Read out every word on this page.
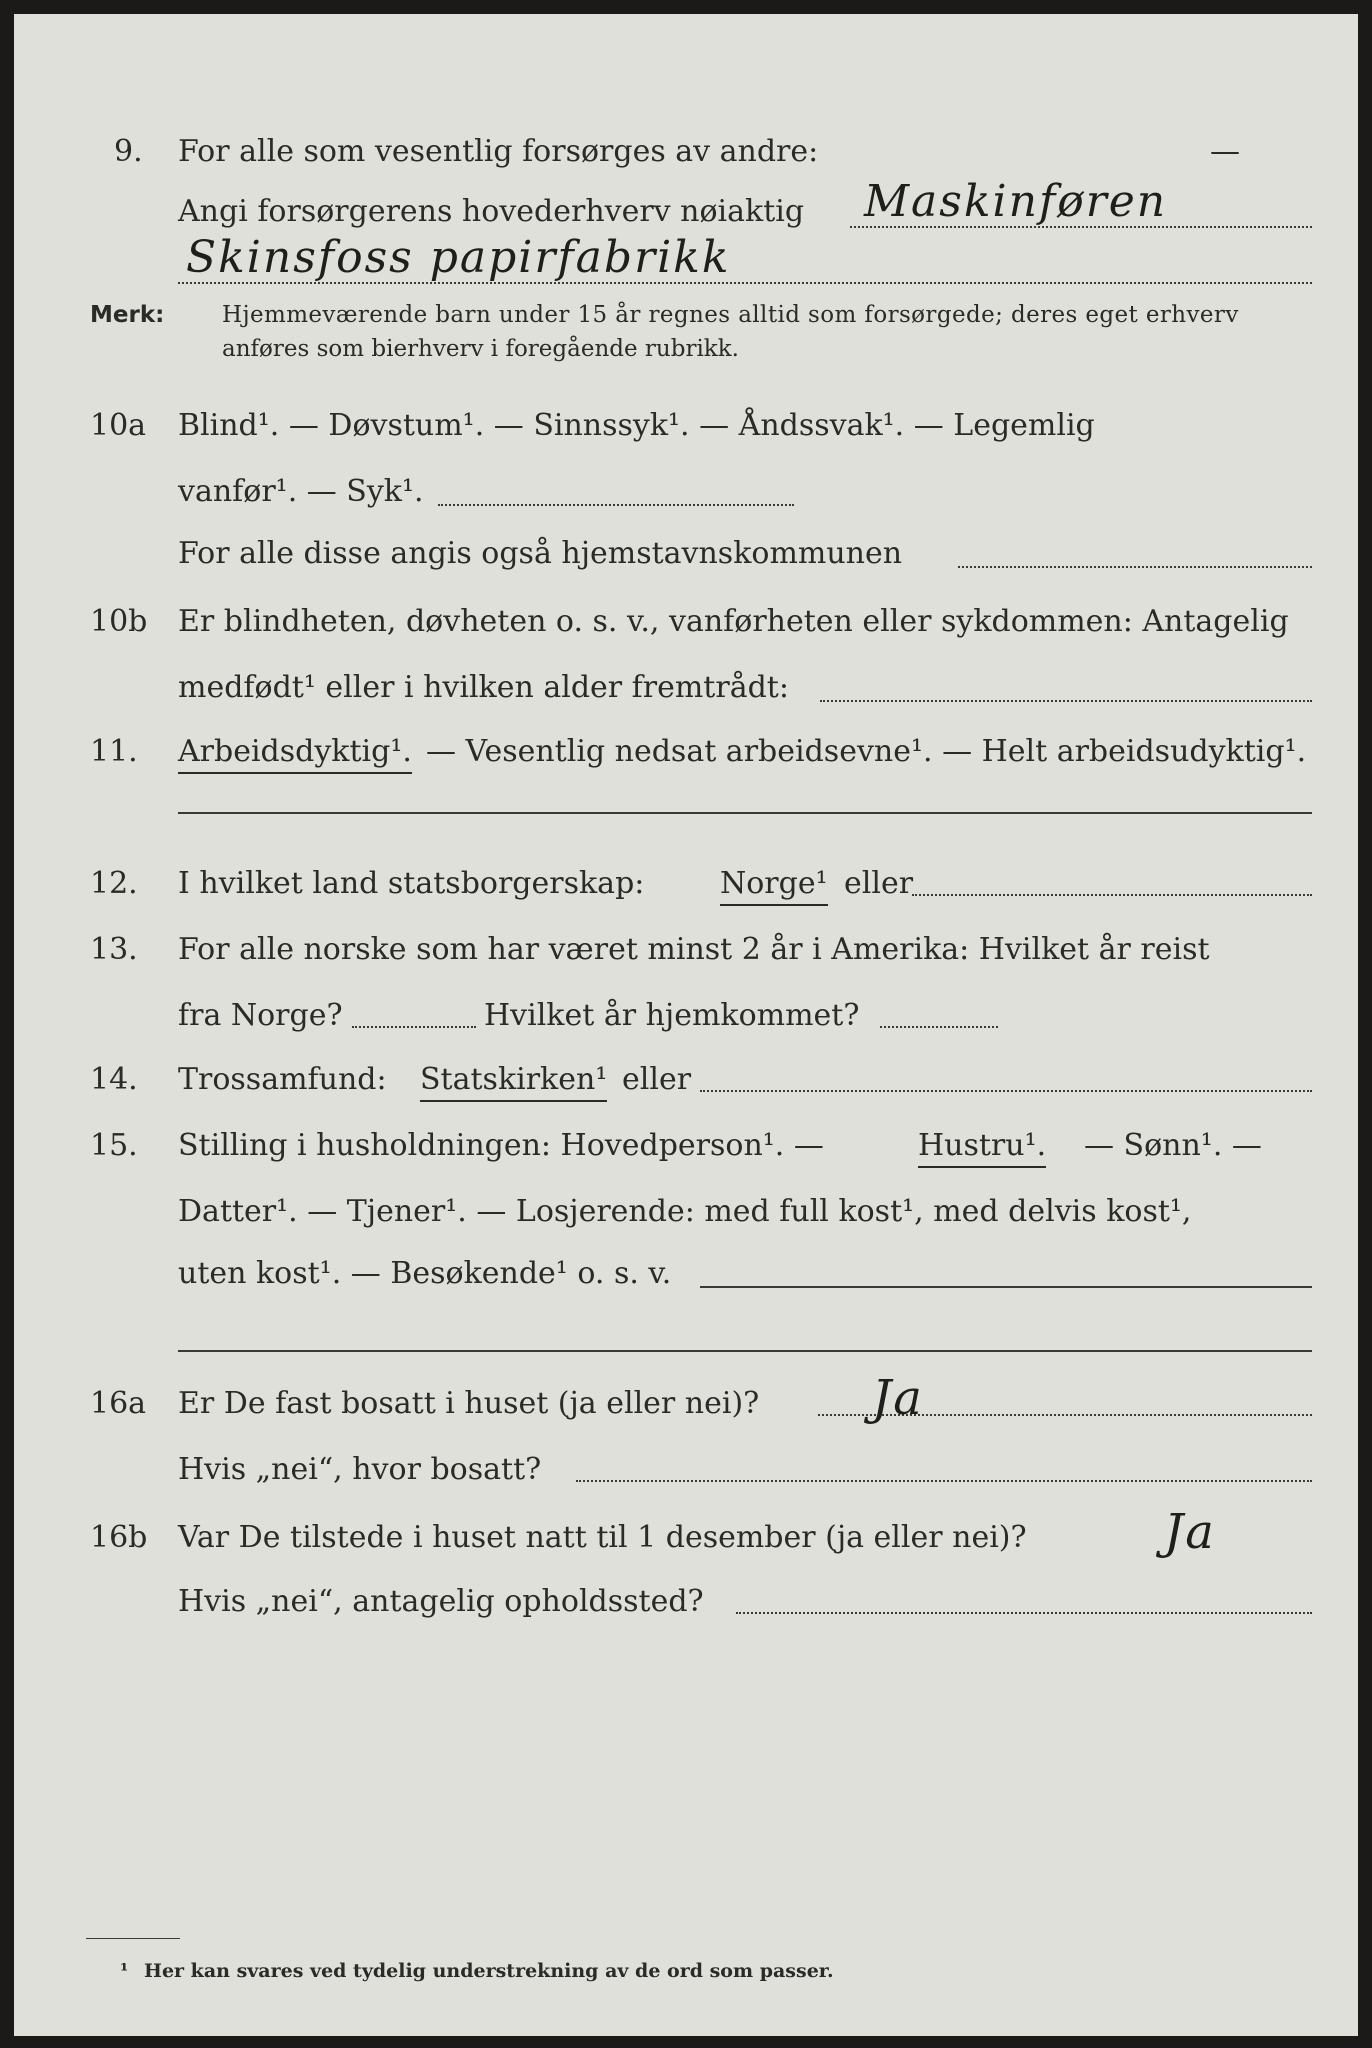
9. For alle som vesentlig forsørges av andre:	—
Angi forsørgerens hovederhverv nøiaktig Maskinføren
Skinsfoss papirfabrikk
Merk:	Hjemmeværende barn under 15 år regnes alltid som forsørgede; deres eget erhverv
anføres som bierhverv i foregående rubrikk.
10a Blind¹. — Døvstum¹. — Sinnssyk¹. — Åndssvak¹. — Legemlig
vanfør¹. — Syk¹.
For alle disse angis også hjemstavnskommunen
10b Er blindheten, døvheten o. s. v., vanførheten eller sykdommen: Antagelig
medfødt¹ eller i hvilken alder fremtrådt:
11. Arbeidsdyktig¹. — Vesentlig nedsat arbeidsevne¹. — Helt arbeidsudyktig¹.
12. I hvilket land statsborgerskap:	Norge¹ eller
13. For alle norske som har været minst 2 år i Amerika: Hvilket år reist
fra Norge?	Hvilket år hjemkommet?
14. Trossamfund: Statskirken¹ eller
15. Stilling i husholdningen: Hovedperson¹. —	Hustru¹. — Sønn¹. —
Datter¹. — Tjener¹. — Losjerende: med full kost¹, med delvis kost¹,
uten kost¹. — Besøkende¹ o. s. v.
16a Er De fast bosatt i huset (ja eller nei)? Ja
Hvis „nei“, hvor bosatt?
16b Var De tilstede i huset natt til 1 desember (ja eller nei)?	Ja
Hvis „nei“, antagelig opholdssted?
¹ Her kan svares ved tydelig understrekning av de ord som passer.
